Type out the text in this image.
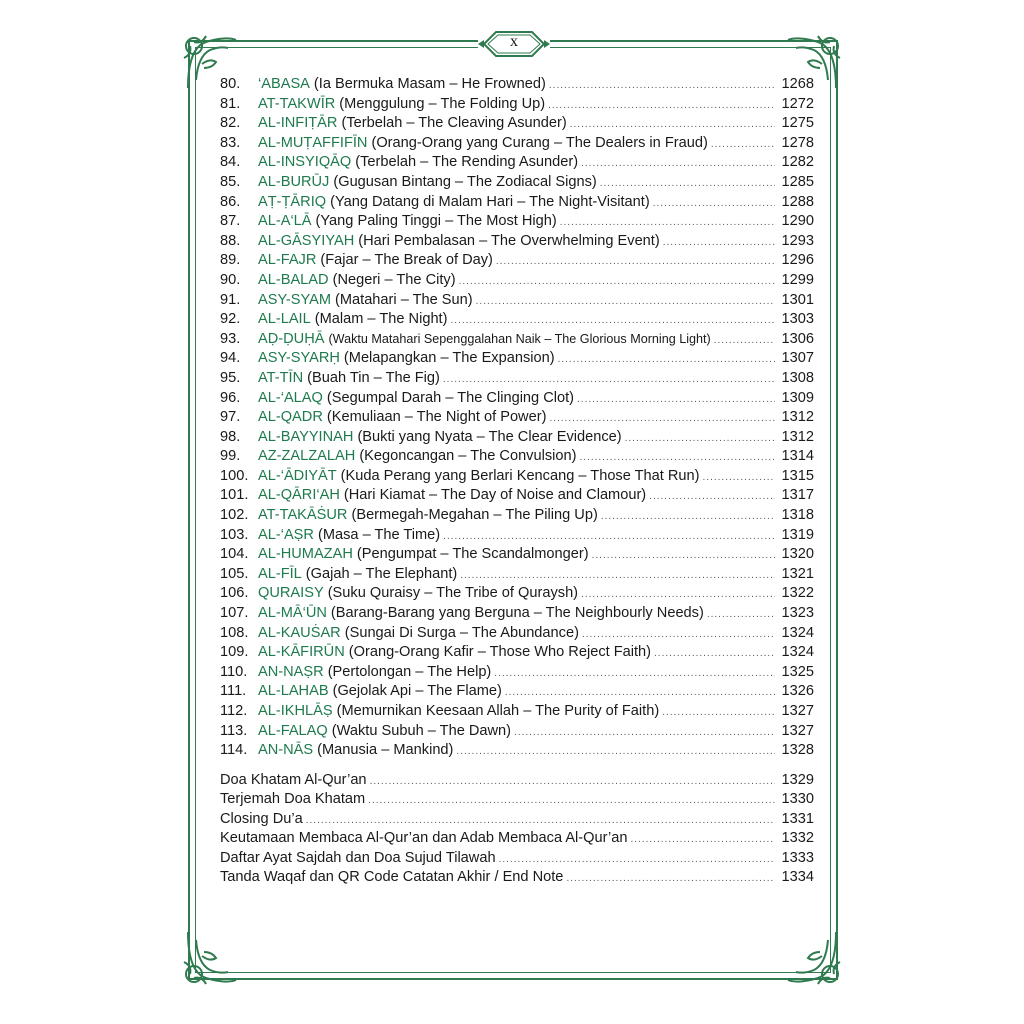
x
80.	‘ABASA (Ia Bermuka Masam – He Frowned) .....	1268
81.	AT-TAKWĪR (Menggulung – The Folding Up) .....	1272
82.	AL-INFIṬĀR (Terbelah – The Cleaving Asunder) .....	1275
83.	AL-MUṬAFFIFĪN (Orang-Orang yang Curang – The Dealers in Fraud) .....	1278
84.	AL-INSYIQĀQ (Terbelah – The Rending Asunder) .....	1282
85.	AL-BURŪJ (Gugusan Bintang – The Zodiacal Signs) .....	1285
86.	AṬ-ṬĀRIQ (Yang Datang di Malam Hari – The Night-Visitant) .....	1288
87.	AL-A‘LĀ (Yang Paling Tinggi – The Most High) .....	1290
88.	AL-GĀSYIYAH (Hari Pembalasan – The Overwhelming Event) .....	1293
89.	AL-FAJR (Fajar – The Break of Day) .....	1296
90.	AL-BALAD (Negeri – The City) .....	1299
91.	ASY-SYAM (Matahari – The Sun) .....	1301
92.	AL-LAIL (Malam – The Night) .....	1303
93.	AḌ-ḌUḤĀ (Waktu Matahari Sepenggalahan Naik – The Glorious Morning Light) .....	1306
94.	ASY-SYARḤ (Melapangkan – The Expansion) .....	1307
95.	AT-TĪN (Buah Tin – The Fig) .....	1308
96.	AL-‘ALAQ (Segumpal Darah – The Clinging Clot) .....	1309
97.	AL-QADR (Kemuliaan – The Night of Power) .....	1312
98.	AL-BAYYINAH (Bukti yang Nyata – The Clear Evidence) .....	1312
99.	AZ-ZALZALAH (Kegoncangan – The Convulsion) .....	1314
100. AL-‘ĀDIYĀT (Kuda Perang yang Berlari Kencang – Those That Run) .....	1315
101. AL-QĀRI‘AH (Hari Kiamat – The Day of Noise and Clamour) .....	1317
102. AT-TAKĀṠUR (Bermegah-Megahan – The Piling Up) .....	1318
103. AL-‘AṢR (Masa – The Time) .....	1319
104. AL-HUMAZAH (Pengumpat – The Scandalmonger) .....	1320
105. AL-FĪL (Gajah – The Elephant) .....	1321
106. QURAISY (Suku Quraisy – The Tribe of Quraysh) .....	1322
107. AL-MĀ‘ŪN (Barang-Barang yang Berguna – The Neighbourly Needs) .....	1323
108. AL-KAUṠAR (Sungai Di Surga – The Abundance) .....	1324
109. AL-KĀFIRŪN (Orang-Orang Kafir – Those Who Reject Faith) .....	1324
110. AN-NAṢR (Pertolongan – The Help) .....	1325
111. AL-LAHAB (Gejolak Api – The Flame) .....	1326
112. AL-IKHLĀṢ (Memurnikan Keesaan Allah – The Purity of Faith) .....	1327
113. AL-FALAQ (Waktu Subuh – The Dawn) .....	1327
114. AN-NĀS (Manusia – Mankind) .....	1328
Doa Khatam Al-Qur’an .....	1329
Terjemah Doa Khatam .....	1330
Closing Du’a .....	1331
Keutamaan Membaca Al-Qur’an dan Adab Membaca Al-Qur’an .....	1332
Daftar Ayat Sajdah dan Doa Sujud Tilawah .....	1333
Tanda Waqaf dan QR Code Catatan Akhir / End Note .....	1334
